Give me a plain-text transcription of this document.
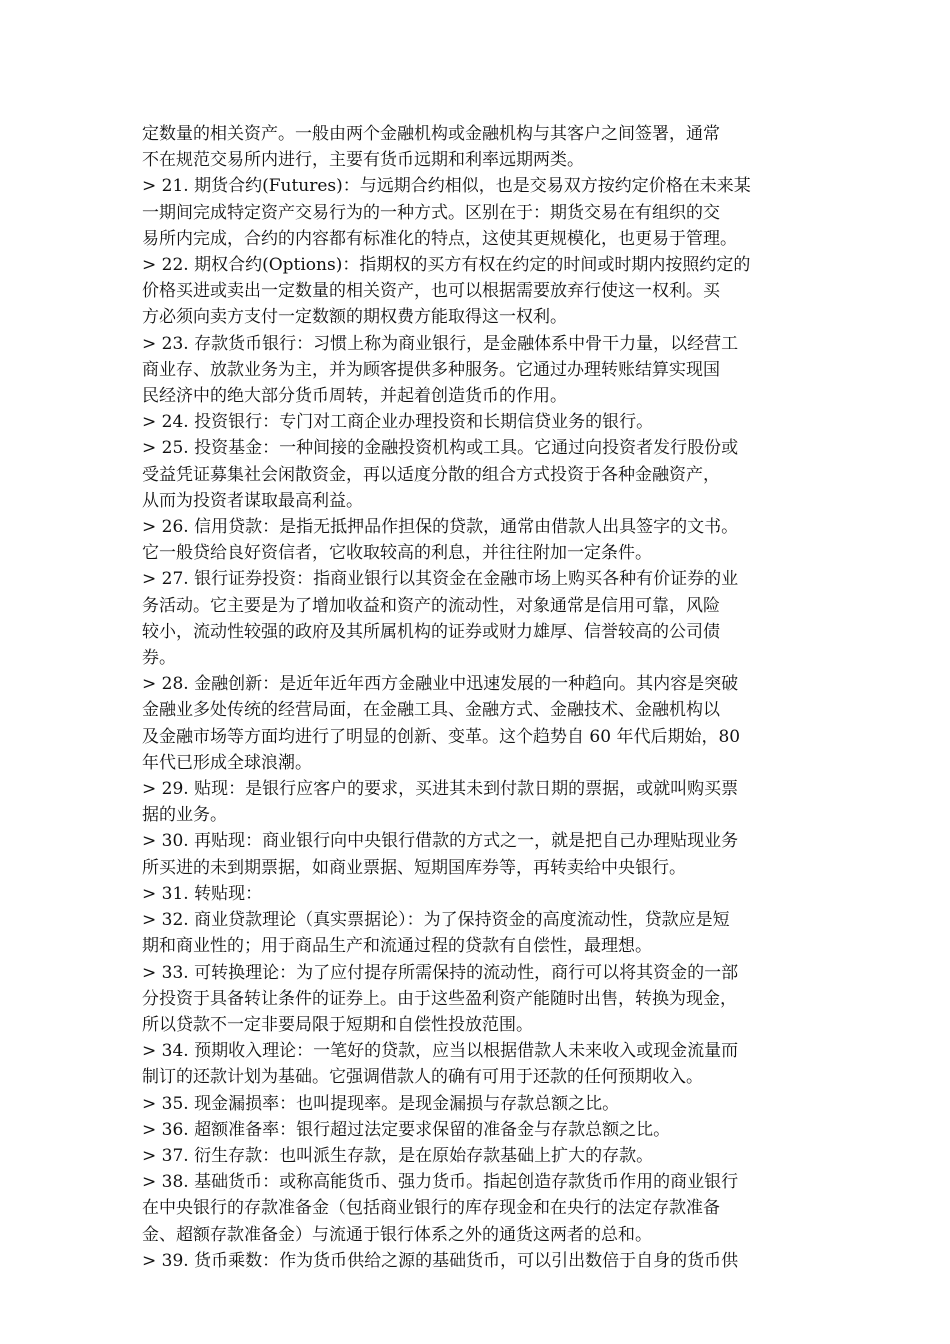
定数量的相关资产。一般由两个金融机构或金融机构与其客户之间签署，通常
不在规范交易所内进行，主要有货币远期和利率远期两类。
> 21. 期货合约(Futures)：与远期合约相似，也是交易双方按约定价格在未来某
一期间完成特定资产交易行为的一种方式。区别在于：期货交易在有组织的交
易所内完成，合约的内容都有标准化的特点，这使其更规模化，也更易于管理。
> 22. 期权合约(Options)：指期权的买方有权在约定的时间或时期内按照约定的
价格买进或卖出一定数量的相关资产，也可以根据需要放弃行使这一权利。买
方必须向卖方支付一定数额的期权费方能取得这一权利。
> 23. 存款货币银行：习惯上称为商业银行，是金融体系中骨干力量，以经营工
商业存、放款业务为主，并为顾客提供多种服务。它通过办理转账结算实现国
民经济中的绝大部分货币周转，并起着创造货币的作用。
> 24. 投资银行：专门对工商企业办理投资和长期信贷业务的银行。
> 25. 投资基金：一种间接的金融投资机构或工具。它通过向投资者发行股份或
受益凭证募集社会闲散资金，再以适度分散的组合方式投资于各种金融资产，
从而为投资者谋取最高利益。
> 26. 信用贷款：是指无抵押品作担保的贷款，通常由借款人出具签字的文书。
它一般贷给良好资信者，它收取较高的利息，并往往附加一定条件。
> 27. 银行证券投资：指商业银行以其资金在金融市场上购买各种有价证券的业
务活动。它主要是为了增加收益和资产的流动性，对象通常是信用可靠，风险
较小，流动性较强的政府及其所属机构的证券或财力雄厚、信誉较高的公司债
券。
> 28. 金融创新：是近年近年西方金融业中迅速发展的一种趋向。其内容是突破
金融业多处传统的经营局面，在金融工具、金融方式、金融技术、金融机构以
及金融市场等方面均进行了明显的创新、变革。这个趋势自 60 年代后期始，80
年代已形成全球浪潮。
> 29. 贴现：是银行应客户的要求，买进其未到付款日期的票据，或就叫购买票
据的业务。
> 30. 再贴现：商业银行向中央银行借款的方式之一，就是把自己办理贴现业务
所买进的未到期票据，如商业票据、短期国库券等，再转卖给中央银行。
> 31. 转贴现：
> 32. 商业贷款理论（真实票据论）：为了保持资金的高度流动性，贷款应是短
期和商业性的；用于商品生产和流通过程的贷款有自偿性，最理想。
> 33. 可转换理论：为了应付提存所需保持的流动性，商行可以将其资金的一部
分投资于具备转让条件的证券上。由于这些盈利资产能随时出售，转换为现金，
所以贷款不一定非要局限于短期和自偿性投放范围。
> 34. 预期收入理论：一笔好的贷款，应当以根据借款人未来收入或现金流量而
制订的还款计划为基础。它强调借款人的确有可用于还款的任何预期收入。
> 35. 现金漏损率：也叫提现率。是现金漏损与存款总额之比。
> 36. 超额准备率：银行超过法定要求保留的准备金与存款总额之比。
> 37. 衍生存款：也叫派生存款，是在原始存款基础上扩大的存款。
> 38. 基础货币：或称高能货币、强力货币。指起创造存款货币作用的商业银行
在中央银行的存款准备金（包括商业银行的库存现金和在央行的法定存款准备
金、超额存款准备金）与流通于银行体系之外的通货这两者的总和。
> 39. 货币乘数：作为货币供给之源的基础货币，可以引出数倍于自身的货币供
